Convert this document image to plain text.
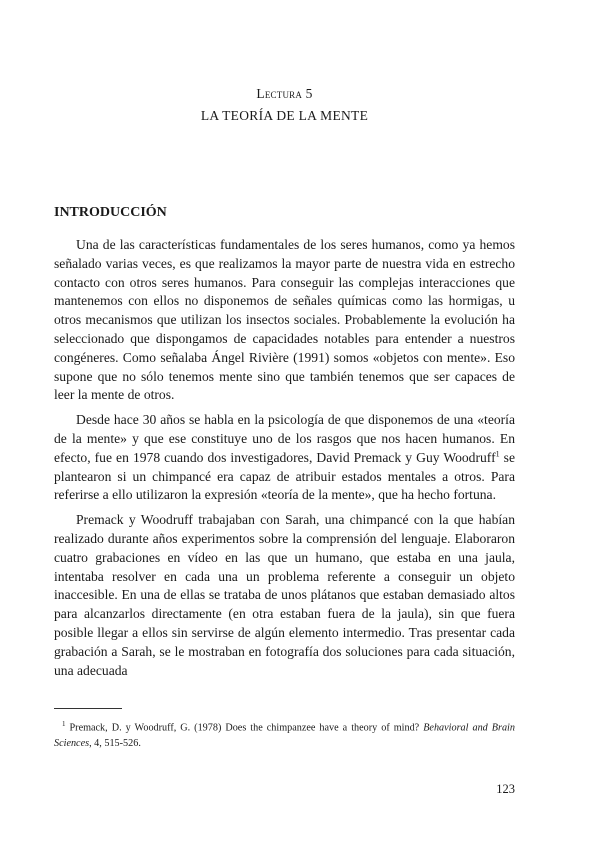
Lectura 5
LA TEORÍA DE LA MENTE
INTRODUCCIÓN

Una de las características fundamentales de los seres humanos, como ya hemos señalado varias veces, es que realizamos la mayor parte de nuestra vida en estrecho contacto con otros seres humanos. Para conseguir las complejas interacciones que mantenemos con ellos no disponemos de señales químicas como las hormigas, u otros mecanismos que utilizan los insectos sociales. Probablemente la evolución ha seleccionado que dispongamos de capacidades notables para entender a nuestros congéneres. Como señalaba Ángel Rivière (1991) somos «objetos con mente». Eso supone que no sólo tenemos mente sino que también tenemos que ser capaces de leer la mente de otros.

Desde hace 30 años se habla en la psicología de que disponemos de una «teoría de la mente» y que ese constituye uno de los rasgos que nos hacen humanos. En efecto, fue en 1978 cuando dos investigadores, David Premack y Guy Woodruff$^1$ se plantearon si un chimpancé era capaz de atribuir estados mentales a otros. Para referirse a ello utilizaron la expresión «teoría de la mente», que ha hecho fortuna.

Premack y Woodruff trabajaban con Sarah, una chimpancé con la que habían realizado durante años experimentos sobre la comprensión del lenguaje. Elaboraron cuatro grabaciones en vídeo en las que un humano, que estaba en una jaula, intentaba resolver en cada una un problema referente a conseguir un objeto inaccesible. En una de ellas se trataba de unos plátanos que estaban demasiado altos para alcanzarlos directamente (en otra estaban fuera de la jaula), sin que fuera posible llegar a ellos sin servirse de algún elemento intermedio. Tras presentar cada grabación a Sarah, se le mostraban en fotografía dos soluciones para cada situación, una adecuada

$^1$ Premack, D. y Woodruff, G. (1978) Does the chimpanzee have a theory of mind? Behavioral and Brain Sciences, 4, 515-526.
123
